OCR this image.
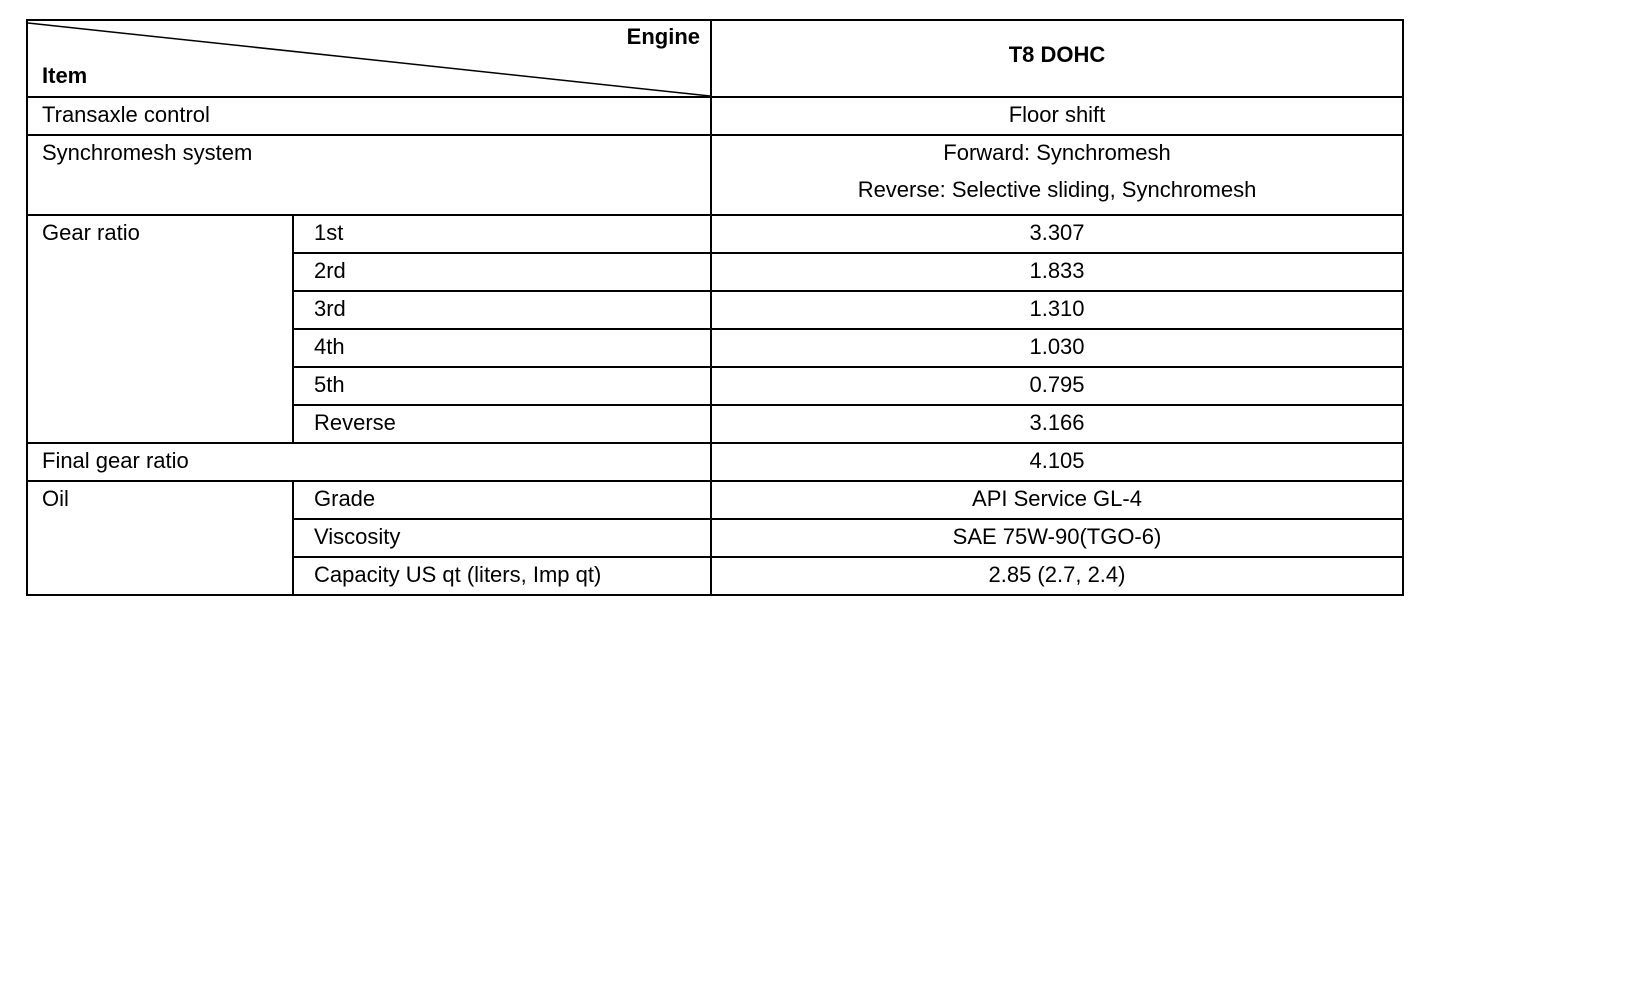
Engine
Item		T8 DOHC
Transaxle control		Floor shift
Synchromesh system		Forward: Synchromesh
Reverse: Selective sliding, Synchromesh

Gear ratio	1st	3.307
	2rd	1.833
	3rd	1.310
	4th	1.030
	5th	0.795
	Reverse	3.166
Final gear ratio		4.105
Oil	Grade	API Service GL-4
	Viscosity	SAE 75W-90(TGO-6)
	Capacity US qt (liters, Imp qt)	2.85 (2.7, 2.4)
